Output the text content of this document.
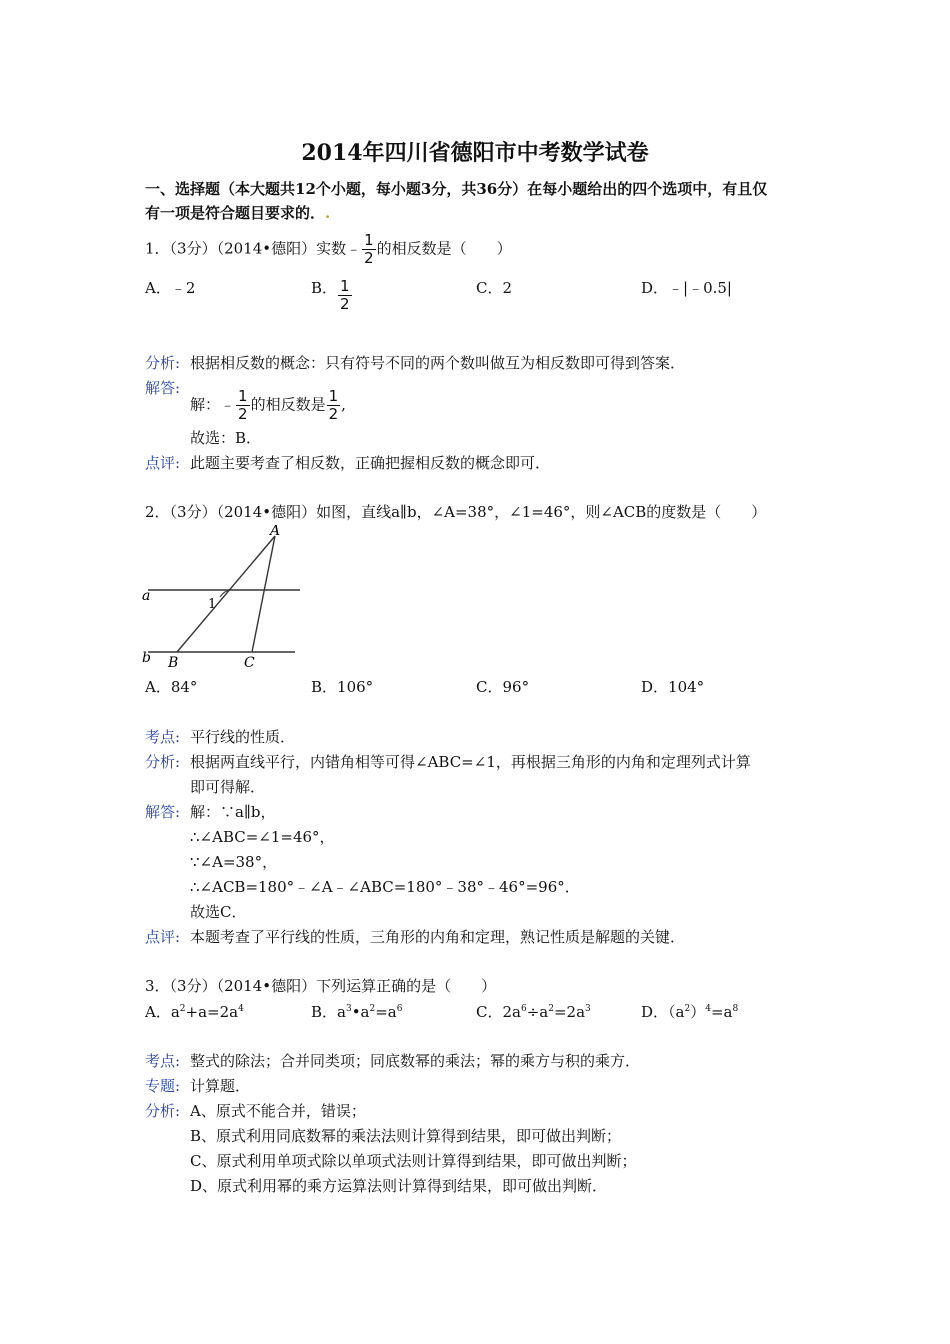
2014年四川省德阳市中考数学试卷
一、选择题（本大题共12个小题，每小题3分，共36分）在每小题给出的四个选项中，有且仅
有一项是符合题目要求的．.
1．（3分）（2014•德阳）实数﹣ $\frac{1}{2}$ 的相反数是（　　）
A．﹣2	B． $\frac{1}{2}$	C．2	D．﹣|﹣0.5|
分析: 根据相反数的概念：只有符号不同的两个数叫做互为相反数即可得到答案．
解答:
解：﹣ $\frac{1}{2}$ 的相反数是 $\frac{1}{2}$ ,
故选：B．
点评: 此题主要考查了相反数，正确把握相反数的概念即可．
2．（3分）（2014•德阳）如图，直线a∥b，∠A=38°，∠1=46°，则∠ACB的度数是（　　）
A
a
1
b B	C
A．84°	B．106°	C．96°	D．104°
考点: 平行线的性质．
分析: 根据两直线平行，内错角相等可得∠ABC=∠1，再根据三角形的内角和定理列式计算
即可得解．
解答: 解：∵a∥b，
∴∠ABC=∠1=46°，
∵∠A=38°，
∴∠ACB=180°﹣∠A﹣∠ABC=180°﹣38°﹣46°=96°．
故选C．
点评: 本题考查了平行线的性质，三角形的内角和定理，熟记性质是解题的关键．
3．（3分）（2014•德阳）下列运算正确的是（　　）
A．$a^2+a=2a^4$	B．$a^3•a^2=a^6$	C．$2a^6\div a^2=2a^3$	D．$(a^2)^4=a^8$
考点: 整式的除法；合并同类项；同底数幂的乘法；幂的乘方与积的乘方．
专题: 计算题．
分析: A、原式不能合并，错误；
B、原式利用同底数幂的乘法法则计算得到结果，即可做出判断；
C、原式利用单项式除以单项式法则计算得到结果，即可做出判断；
D、原式利用幂的乘方运算法则计算得到结果，即可做出判断．
